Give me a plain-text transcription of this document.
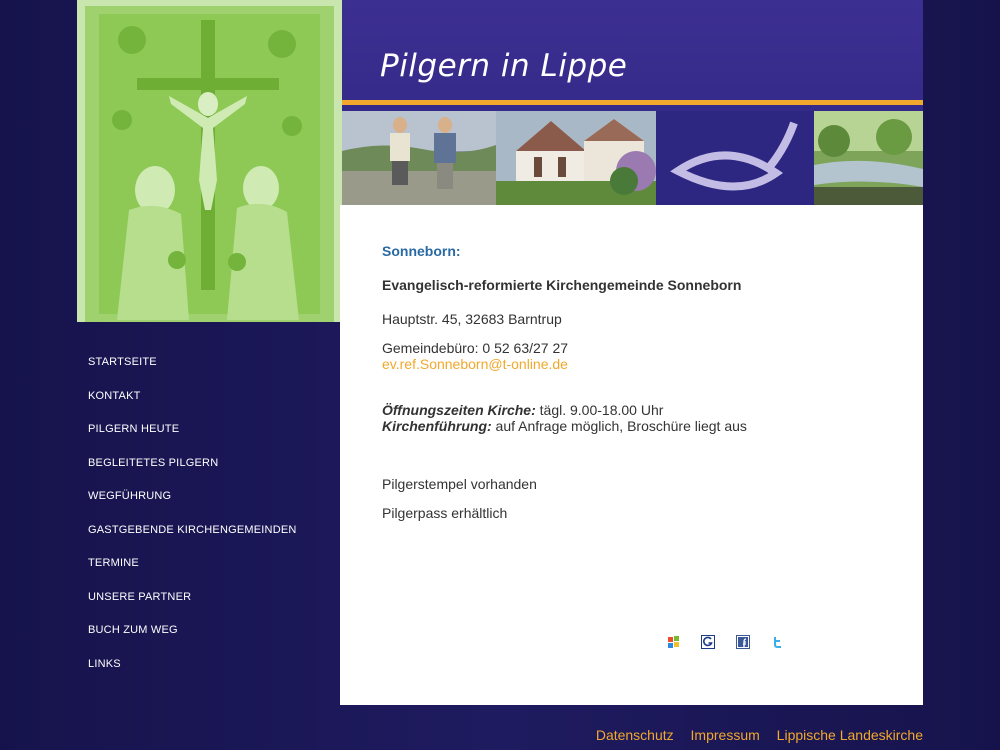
STARTSEITE
KONTAKT
PILGERN HEUTE
BEGLEITETES PILGERN
WEGFÜHRUNG
GASTGEBENDE KIRCHENGEMEINDEN
TERMINE
UNSERE PARTNER
BUCH ZUM WEG
LINKS
Pilgern in Lippe
Sonneborn:
Evangelisch-reformierte Kirchengemeinde Sonneborn

Hauptstr. 45, 32683 Barntrup

Gemeindebüro: 0 52 63/27 27
ev.ref.Sonneborn@t-online.de

Öffnungszeiten Kirche: tägl. 9.00-18.00 Uhr
Kirchenführung: auf Anfrage möglich, Broschüre liegt aus

Pilgerstempel vorhanden

Pilgerpass erhältlich

Datenschutz Impressum Lippische Landeskirche
